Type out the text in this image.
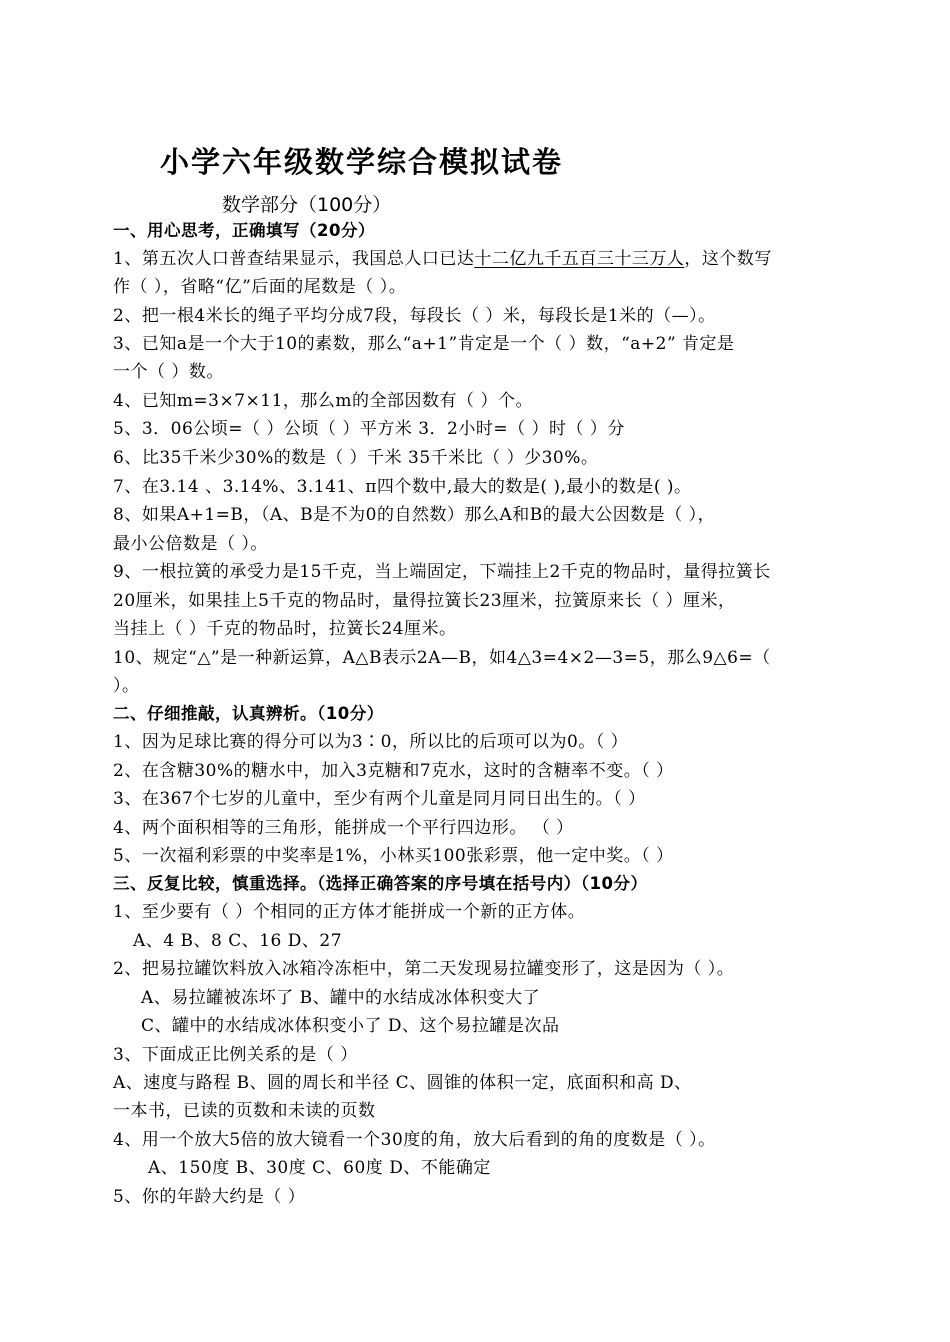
小学六年级数学综合模拟试卷
数学部分（100分）
一、用心思考，正确填写（20分）
1、第五次人口普查结果显示，我国总人口已达十二亿九千五百三十三万人，这个数写
作（ ），省略“亿”后面的尾数是（ ）。
2、把一根4米长的绳子平均分成7段，每段长（ ）米，每段长是1米的（—）。
3、已知a是一个大于10的素数，那么“a+1”肯定是一个（ ）数，“a+2” 肯定是
一个（ ）数。
4、已知m=3×7×11，那么m的全部因数有（ ）个。
5、3．06公顷=（ ）公顷（ ）平方米 3．2小时=（ ）时（ ）分
6、比35千米少30%的数是（ ）千米 35千米比（ ）少30%。
7、在3.14 、3.14%、3.141、π四个数中,最大的数是( ),最小的数是( )。
8、如果A+1=B，（A、B是不为0的自然数）那么A和B的最大公因数是（ ），
最小公倍数是（ ）。
9、一根拉簧的承受力是15千克，当上端固定，下端挂上2千克的物品时，量得拉簧长
20厘米，如果挂上5千克的物品时，量得拉簧长23厘米，拉簧原来长（ ）厘米，
当挂上（ ）千克的物品时，拉簧长24厘米。
10、规定“△”是一种新运算，A△B表示2A—B，如4△3=4×2—3=5，那么9△6=（
）。
二、仔细推敲，认真辨析。（10分）
1、因为足球比赛的得分可以为3∶0，所以比的后项可以为0。（ ）
2、在含糖30%的糖水中，加入3克糖和7克水，这时的含糖率不变。（ ）
3、在367个七岁的儿童中，至少有两个儿童是同月同日出生的。（ ）
4、两个面积相等的三角形，能拼成一个平行四边形。 （ ）
5、一次福利彩票的中奖率是1%，小林买100张彩票，他一定中奖。（ ）
三、反复比较，慎重选择。（选择正确答案的序号填在括号内）（10分）
1、至少要有（ ）个相同的正方体才能拼成一个新的正方体。
A、4 B、8 C、16 D、27
2、把易拉罐饮料放入冰箱冷冻柜中，第二天发现易拉罐变形了，这是因为（ ）。
A、易拉罐被冻坏了 B、罐中的水结成冰体积变大了
C、罐中的水结成冰体积变小了 D、这个易拉罐是次品
3、下面成正比例关系的是（ ）
A、速度与路程 B、圆的周长和半径 C、圆锥的体积一定，底面积和高 D、
一本书，已读的页数和未读的页数
4、用一个放大5倍的放大镜看一个30度的角，放大后看到的角的度数是（ ）。
A、150度 B、30度 C、60度 D、不能确定
5、你的年龄大约是（ ）
